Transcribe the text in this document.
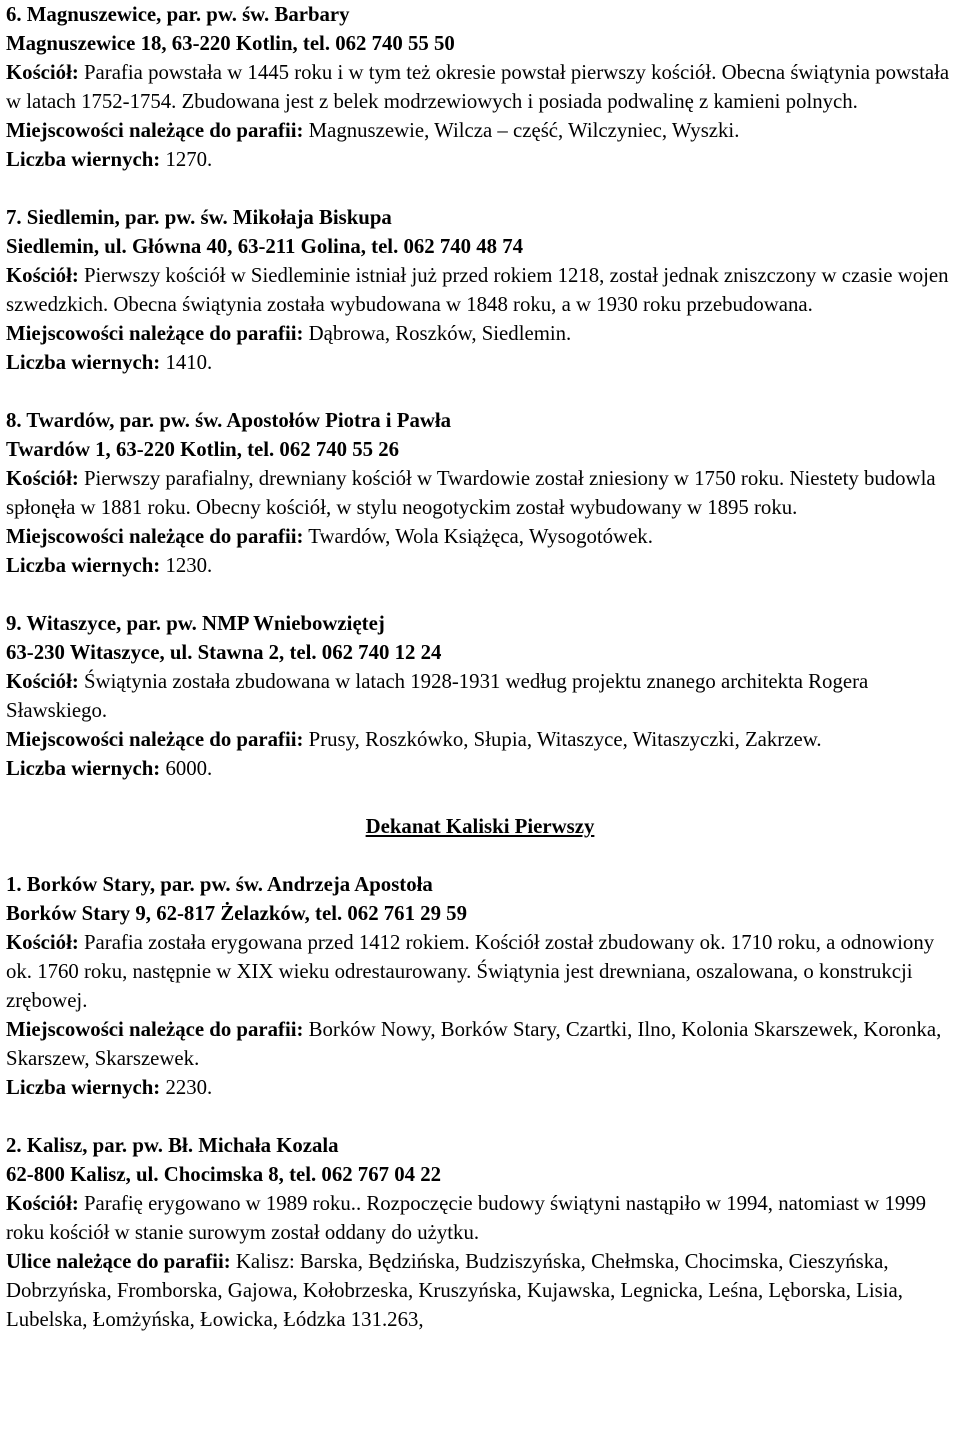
6. Magnuszewice, par. pw. św. Barbary
Magnuszewice 18, 63-220 Kotlin, tel. 062 740 55 50
Kościół: Parafia powstała w 1445 roku i w tym też okresie powstał pierwszy kościół. Obecna świątynia powstała w latach 1752-1754. Zbudowana jest z belek modrzewiowych i posiada podwalinę z kamieni polnych.
Miejscowości należące do parafii: Magnuszewie, Wilcza – część, Wilczyniec, Wyszki.
Liczba wiernych: 1270.
7. Siedlemin, par. pw. św. Mikołaja Biskupa
Siedlemin, ul. Główna 40, 63-211 Golina, tel. 062 740 48 74
Kościół: Pierwszy kościół w Siedleminie istniał już przed rokiem 1218, został jednak zniszczony w czasie wojen szwedzkich. Obecna świątynia została wybudowana w 1848 roku, a w 1930 roku przebudowana.
Miejscowości należące do parafii: Dąbrowa, Roszków, Siedlemin.
Liczba wiernych: 1410.
8. Twardów, par. pw. św. Apostołów Piotra i Pawła
Twardów 1, 63-220 Kotlin, tel. 062 740 55 26
Kościół: Pierwszy parafialny, drewniany kościół w Twardowie został zniesiony w 1750 roku. Niestety budowla spłonęła w 1881 roku. Obecny kościół, w stylu neogotyckim został wybudowany w 1895 roku.
Miejscowości należące do parafii: Twardów, Wola Książęca, Wysogotówek.
Liczba wiernych: 1230.
9. Witaszyce, par. pw. NMP Wniebowziętej
63-230 Witaszyce, ul. Stawna 2, tel. 062 740 12 24
Kościół: Świątynia została zbudowana w latach 1928-1931 według projektu znanego architekta Rogera Sławskiego.
Miejscowości należące do parafii: Prusy, Roszkówko, Słupia, Witaszyce, Witaszyczki, Zakrzew.
Liczba wiernych: 6000.
Dekanat Kaliski Pierwszy
1. Borków Stary, par. pw. św. Andrzeja Apostoła
Borków Stary 9, 62-817 Żelazków, tel. 062 761 29 59
Kościół: Parafia została erygowana przed 1412 rokiem. Kościół został zbudowany ok. 1710 roku, a odnowiony ok. 1760 roku, następnie w XIX wieku odrestaurowany. Świątynia jest drewniana, oszalowana, o konstrukcji zrębowej.
Miejscowości należące do parafii: Borków Nowy, Borków Stary, Czartki, Ilno, Kolonia Skarszewek, Koronka, Skarszew, Skarszewek.
Liczba wiernych: 2230.
2. Kalisz, par. pw. Bł. Michała Kozala
62-800 Kalisz, ul. Chocimska 8, tel. 062 767 04 22
Kościół: Parafię erygowano w 1989 roku.. Rozpoczęcie budowy świątyni nastąpiło w 1994, natomiast w 1999 roku kościół w stanie surowym został oddany do użytku.
Ulice należące do parafii: Kalisz: Barska, Będzińska, Budziszyńska, Chełmska, Chocimska, Cieszyńska, Dobrzyńska, Fromborska, Gajowa, Kołobrzeska, Kruszyńska, Kujawska, Legnicka, Leśna, Lęborska, Lisia, Lubelska, Łomżyńska, Łowicka, Łódzka 131.263,
